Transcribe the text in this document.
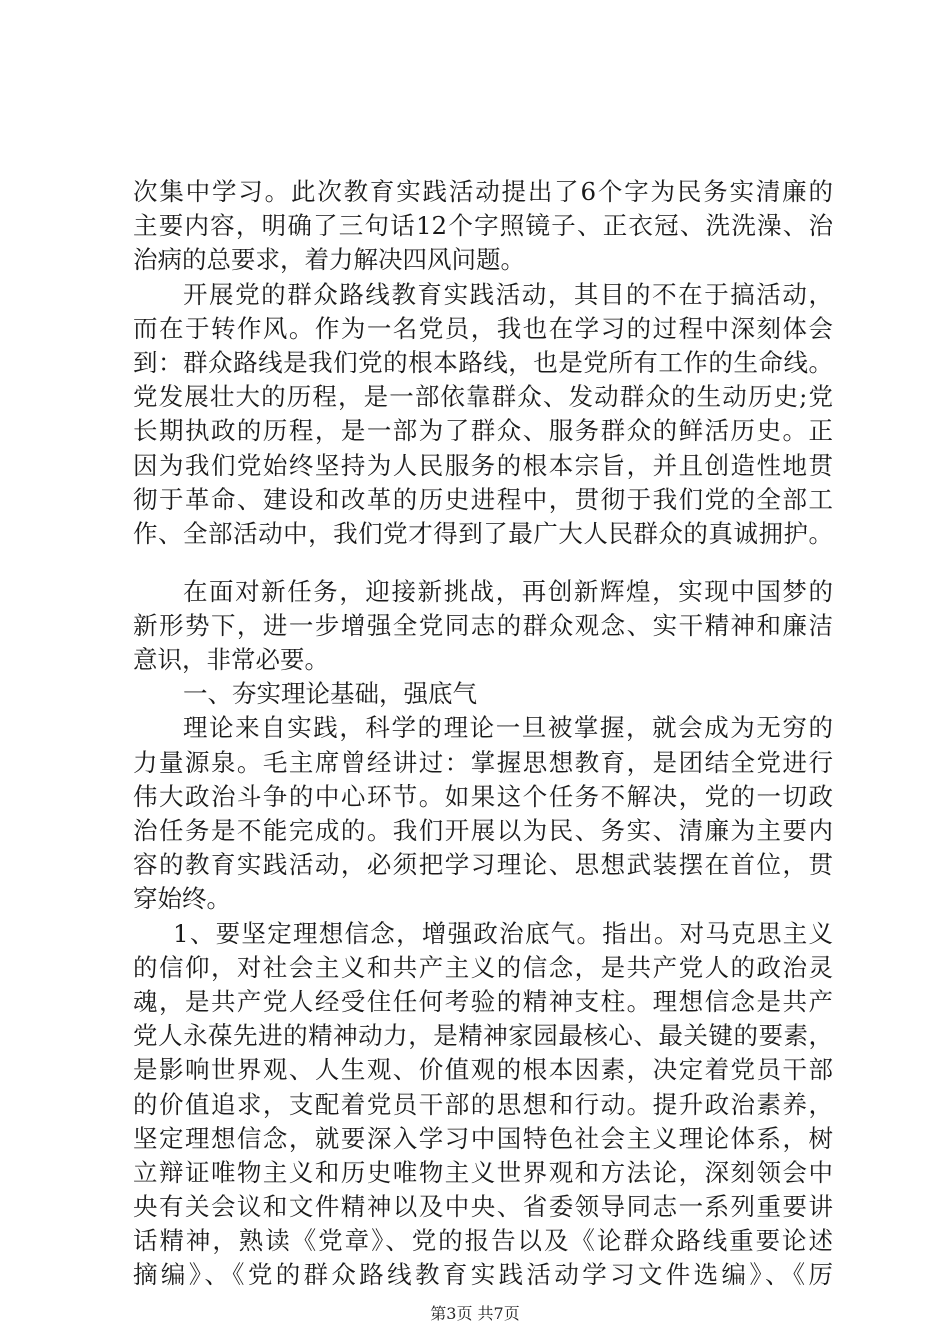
次集中学习。此次教育实践活动提出了6个字为民务实清廉的
主要内容，明确了三句话12个字照镜子、正衣冠、洗洗澡、治
治病的总要求，着力解决四风问题。
开展党的群众路线教育实践活动，其目的不在于搞活动，
而在于转作风。作为一名党员，我也在学习的过程中深刻体会
到：群众路线是我们党的根本路线，也是党所有工作的生命线。
党发展壮大的历程，是一部依靠群众、发动群众的生动历史;党
长期执政的历程，是一部为了群众、服务群众的鲜活历史。正
因为我们党始终坚持为人民服务的根本宗旨，并且创造性地贯
彻于革命、建设和改革的历史进程中，贯彻于我们党的全部工
作、全部活动中，我们党才得到了最广大人民群众的真诚拥护。
在面对新任务，迎接新挑战，再创新辉煌，实现中国梦的
新形势下，进一步增强全党同志的群众观念、实干精神和廉洁
意识，非常必要。
一、夯实理论基础，强底气
理论来自实践，科学的理论一旦被掌握，就会成为无穷的
力量源泉。毛主席曾经讲过：掌握思想教育，是团结全党进行
伟大政治斗争的中心环节。如果这个任务不解决，党的一切政
治任务是不能完成的。我们开展以为民、务实、清廉为主要内
容的教育实践活动，必须把学习理论、思想武装摆在首位，贯
穿始终。
1、要坚定理想信念，增强政治底气。指出。对马克思主义
的信仰，对社会主义和共产主义的信念，是共产党人的政治灵
魂，是共产党人经受住任何考验的精神支柱。理想信念是共产
党人永葆先进的精神动力，是精神家园最核心、最关键的要素，
是影响世界观、人生观、价值观的根本因素，决定着党员干部
的价值追求，支配着党员干部的思想和行动。提升政治素养，
坚定理想信念，就要深入学习中国特色社会主义理论体系，树
立辩证唯物主义和历史唯物主义世界观和方法论，深刻领会中
央有关会议和文件精神以及中央、省委领导同志一系列重要讲
话精神，熟读《党章》、党的报告以及《论群众路线重要论述
摘编》、《党的群众路线教育实践活动学习文件选编》、《厉
第3页 共7页
